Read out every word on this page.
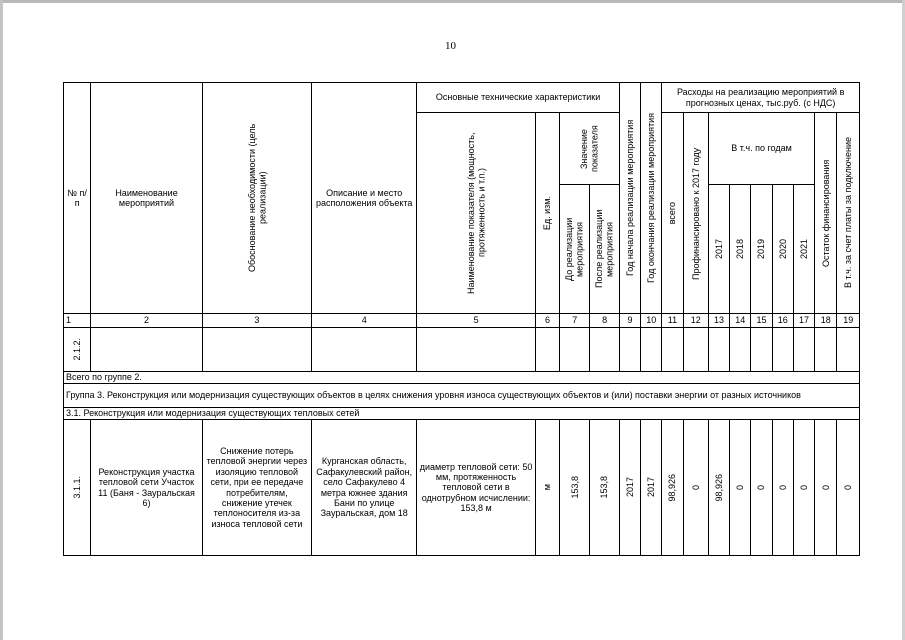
10
№ п/п	Наименование мероприятий	Обоснование необходимости (цель реализации)	Описание и место расположения объекта	Основные технические характеристики				Год начала реализации мероприятия	Год окончания реализации мероприятия	Расходы на реализацию мероприятий в прогнозных ценах, тыс.руб. (с НДС)								

				Наименование показателя (мощность, протяженность и т.п.)	Ед. изм.	Значение показателя				всего	Профинансировано к 2017 году	В т.ч. по годам					Остаток финансирования	В т.ч. за счет платы за подключение

						До реализации мероприятия	После реализации мероприятия					2017	2018	2019	2020	2021		

1	2	3	4	5	6	7	8	9	10	11	12	13	14	15	16	17	18	19

2.1.2.																		

Всего по группе 2.																		
Группа 3. Реконструкция или модернизация существующих объектов в целях снижения уровня износа существующих объектов и (или) поставки энергии от разных источников																		
3.1. Реконструкция или модернизация существующих тепловых сетей																		

3.1.1.	Реконструкция участка тепловой сети Участок 11 (Баня - Зауральская 6)	Снижение потерь тепловой энергии через изоляцию тепловой сети, при ее передаче потребителям, снижение утечек теплоносителя из-за износа тепловой сети	Курганская область, Сафакулевский район, село Сафакулево 4 метра южнее здания Бани по улице Зауральская, дом 18	диаметр тепловой сети: 50 мм, протяженность тепловой сети в однотрубном исчислении: 153,8 м	м	153,8	153,8	2017	2017	98,926	0	98,926	0	0	0	0	0	0
